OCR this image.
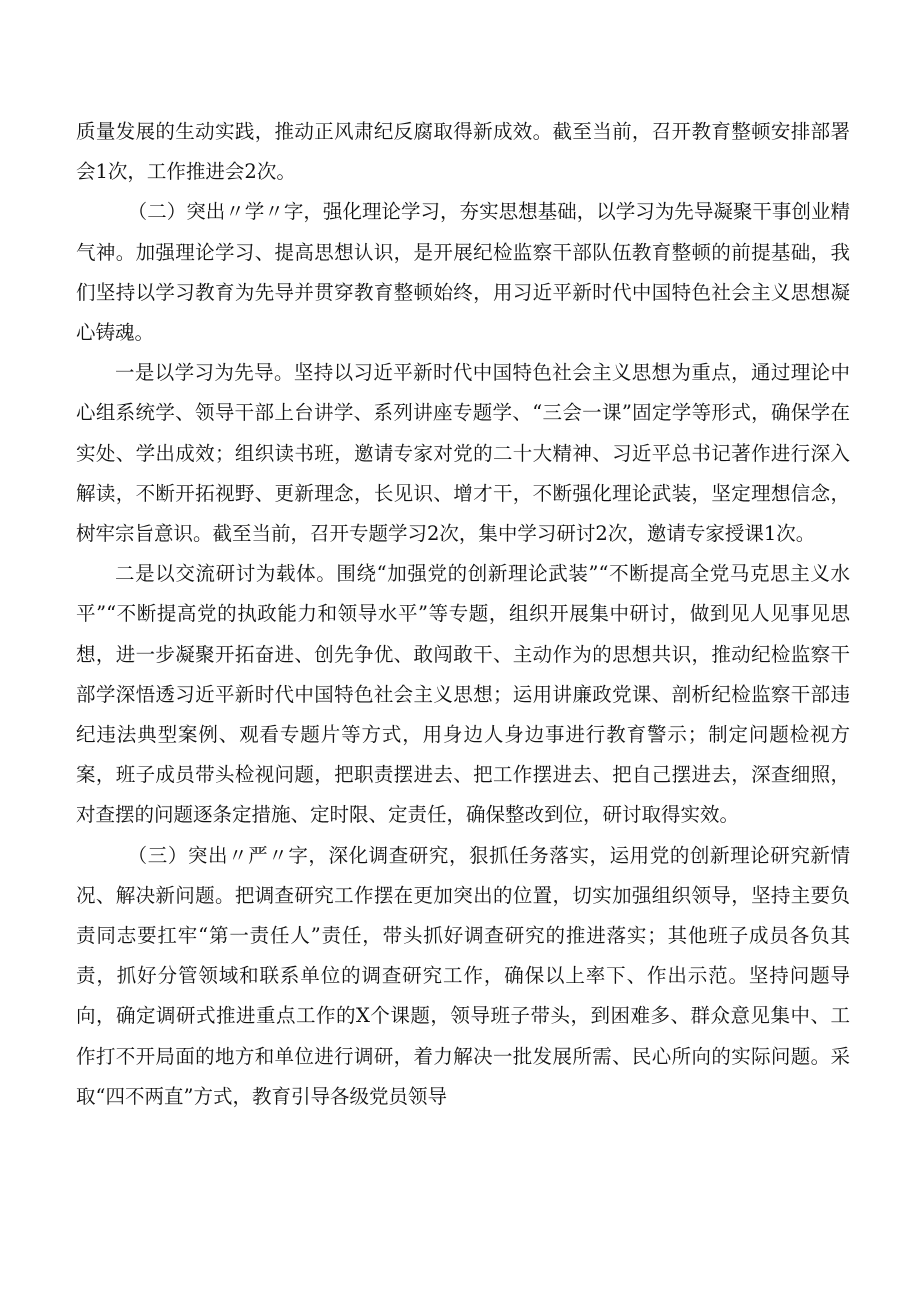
质量发展的生动实践，推动正风肃纪反腐取得新成效。截至当前，召开教育整顿安排部署会1次，工作推进会2次。

（二）突出〃学〃字，强化理论学习，夯实思想基础，以学习为先导凝聚干事创业精气神。加强理论学习、提高思想认识，是开展纪检监察干部队伍教育整顿的前提基础，我们坚持以学习教育为先导并贯穿教育整顿始终，用习近平新时代中国特色社会主义思想凝心铸魂。

一是以学习为先导。坚持以习近平新时代中国特色社会主义思想为重点，通过理论中心组系统学、领导干部上台讲学、系列讲座专题学、“三会一课”固定学等形式，确保学在实处、学出成效；组织读书班，邀请专家对党的二十大精神、习近平总书记著作进行深入解读，不断开拓视野、更新理念，长见识、增才干，不断强化理论武装，坚定理想信念，树牢宗旨意识。截至当前，召开专题学习2次，集中学习研讨2次，邀请专家授课1次。

二是以交流研讨为载体。围绕“加强党的创新理论武装”“不断提高全党马克思主义水平”“不断提高党的执政能力和领导水平”等专题，组织开展集中研讨，做到见人见事见思想，进一步凝聚开拓奋进、创先争优、敢闯敢干、主动作为的思想共识，推动纪检监察干部学深悟透习近平新时代中国特色社会主义思想；运用讲廉政党课、剖析纪检监察干部违纪违法典型案例、观看专题片等方式，用身边人身边事进行教育警示；制定问题检视方案，班子成员带头检视问题，把职责摆进去、把工作摆进去、把自己摆进去，深查细照，对查摆的问题逐条定措施、定时限、定责任，确保整改到位，研讨取得实效。

（三）突出〃严〃字，深化调查研究，狠抓任务落实，运用党的创新理论研究新情况、解决新问题。把调查研究工作摆在更加突出的位置，切实加强组织领导，坚持主要负责同志要扛牢“第一责任人”责任，带头抓好调查研究的推进落实；其他班子成员各负其责，抓好分管领域和联系单位的调查研究工作，确保以上率下、作出示范。坚持问题导向，确定调研式推进重点工作的X个课题，领导班子带头，到困难多、群众意见集中、工作打不开局面的地方和单位进行调研，着力解决一批发展所需、民心所向的实际问题。采取“四不两直”方式，教育引导各级党员领导
